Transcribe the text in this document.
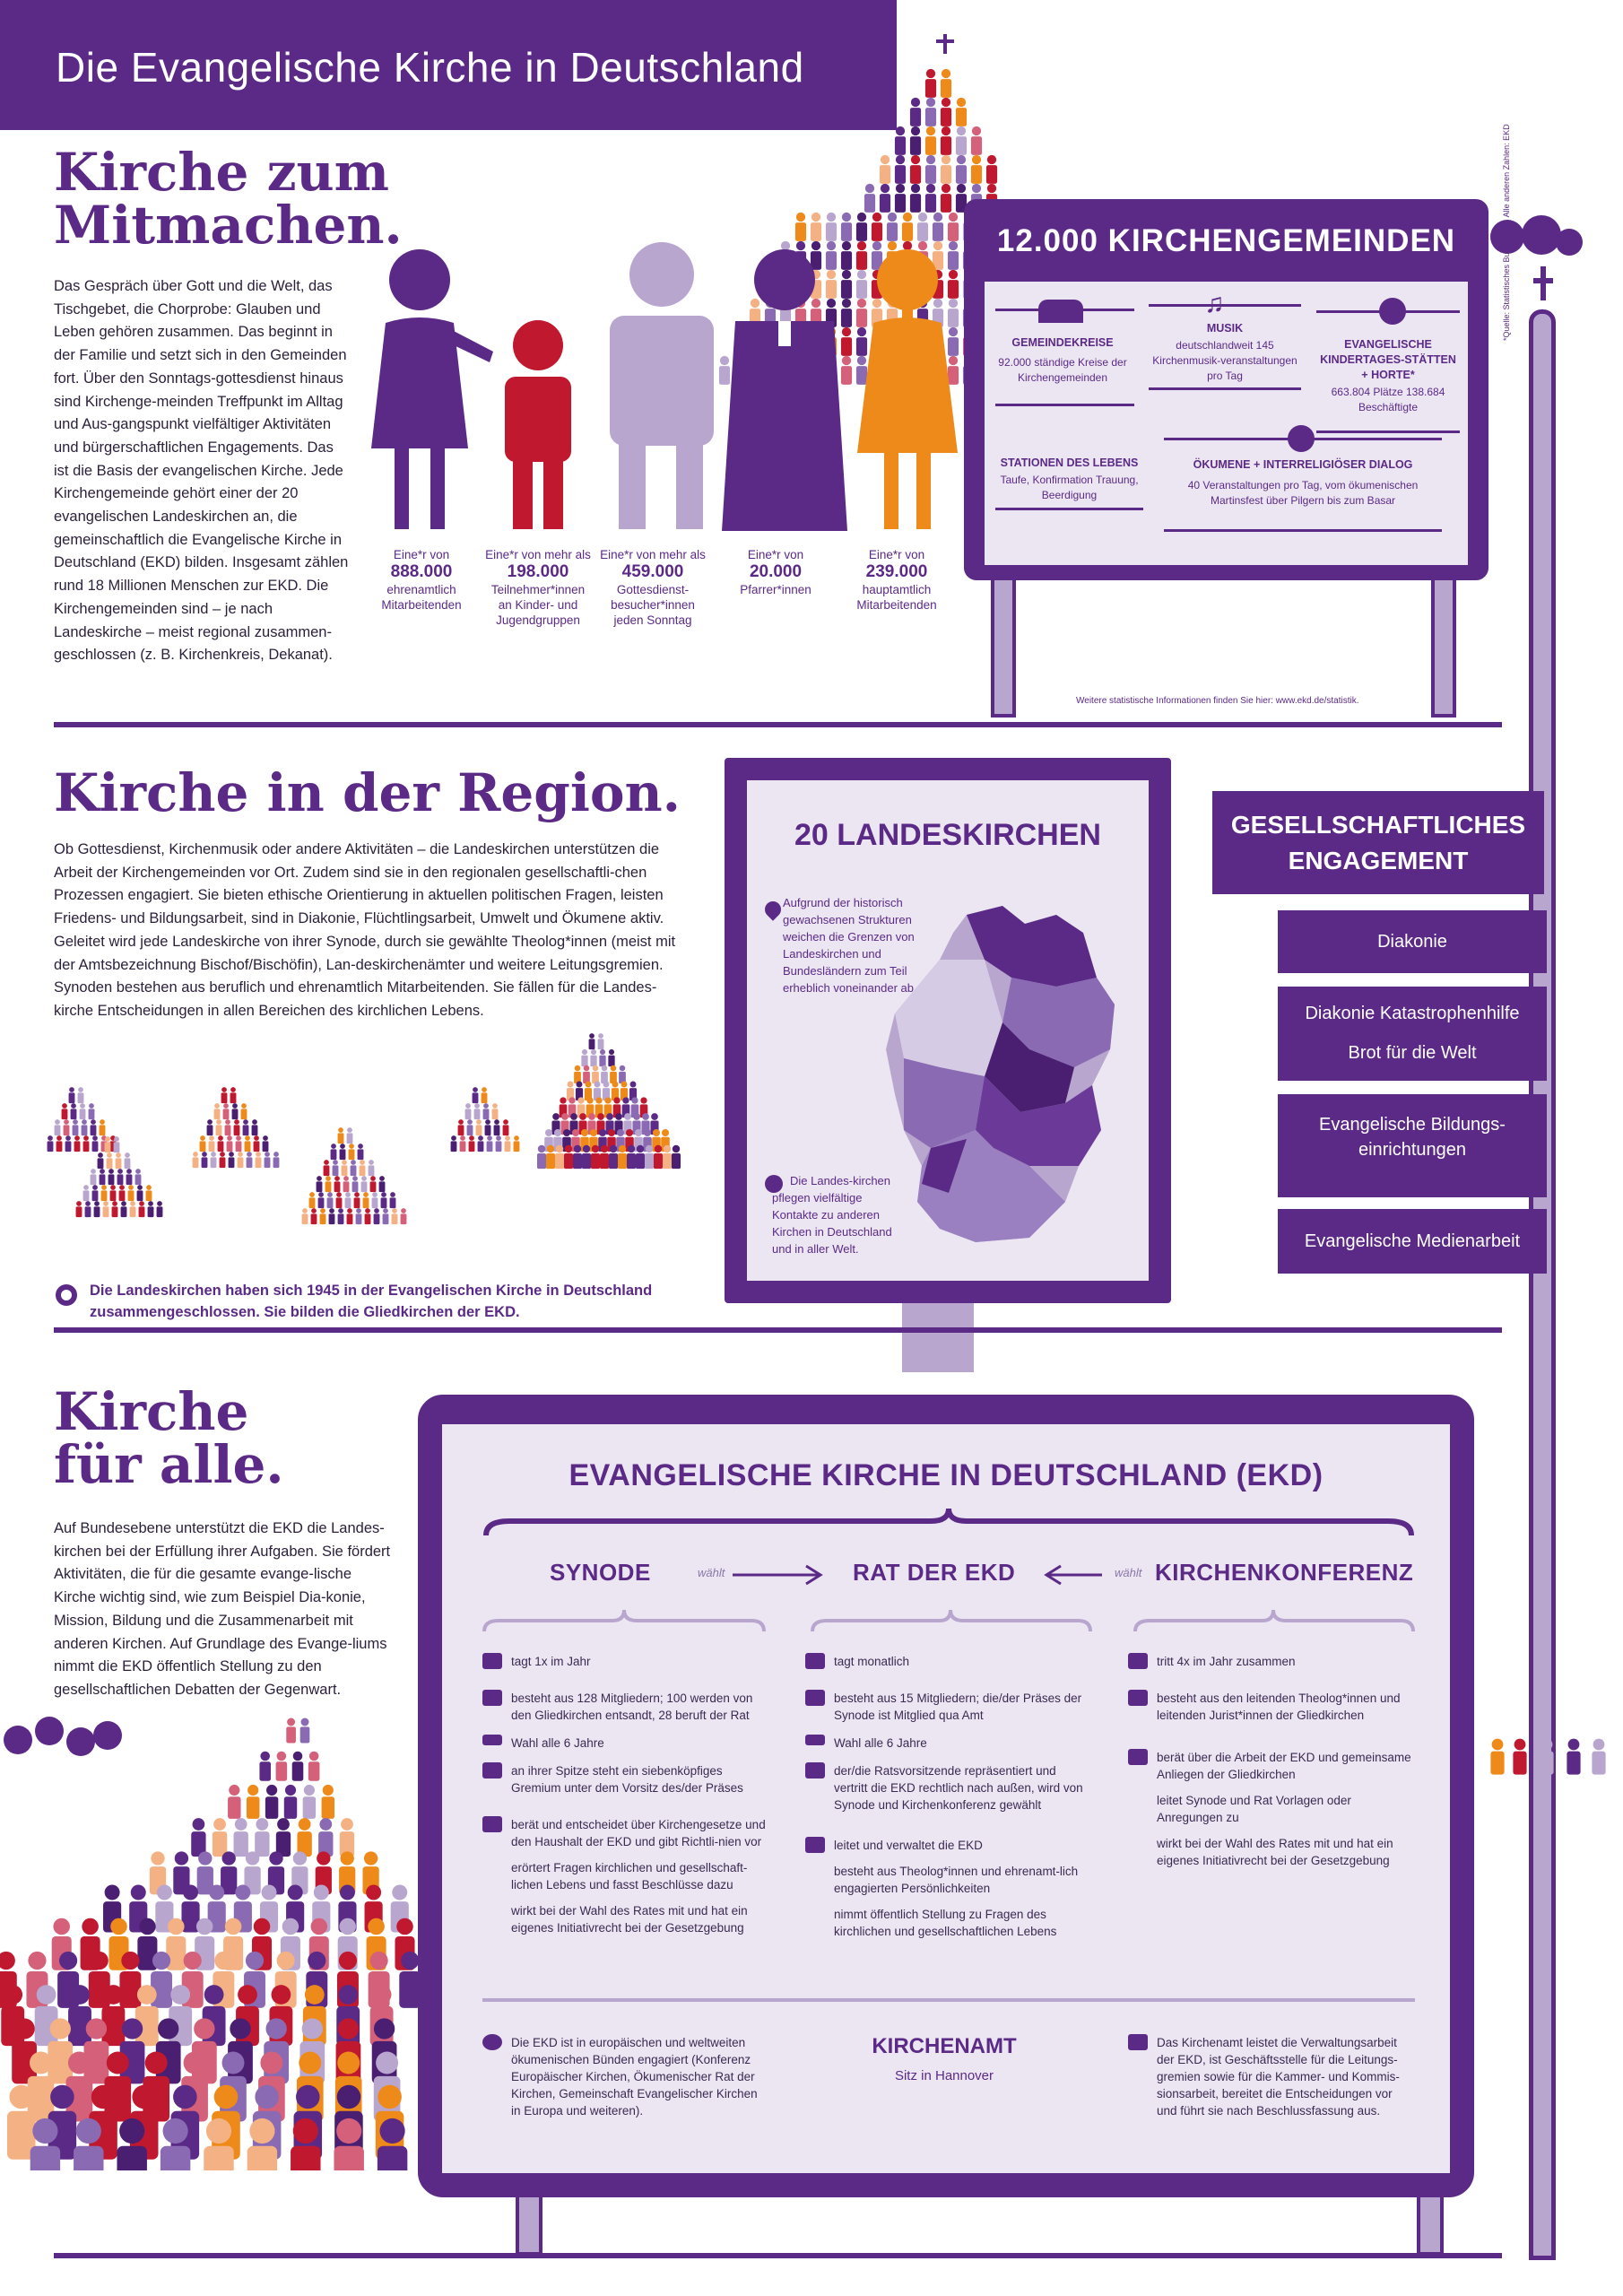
Die Evangelische Kirche in Deutschland
*Quelle: Statistisches Bundesamt. Alle anderen Zahlen: EKD
Kirche zum
Mitmachen.
Das Gespräch über Gott und die Welt, das Tischgebet, die Chorprobe: Glauben und Leben gehören zusammen. Das beginnt in der Familie und setzt sich in den Gemeinden fort. Über den Sonntags-gottesdienst hinaus sind Kirchenge-meinden Treffpunkt im Alltag und Aus-gangspunkt vielfältiger Aktivitäten und bürgerschaftlichen Engagements. Das ist die Basis der evangelischen Kirche. Jede Kirchengemeinde gehört einer der 20 evangelischen Landeskirchen an, die gemeinschaftlich die Evangelische Kirche in Deutschland (EKD) bilden. Insgesamt zählen rund 18 Millionen Menschen zur EKD. Die Kirchengemeinden sind – je nach Landeskirche – meist regional zusammen-geschlossen (z. B. Kirchenkreis, Dekanat).
Eine*r von
888.000
ehrenamtlich Mitarbeitenden
Eine*r von mehr als
198.000
Teilnehmer*innen an Kinder- und Jugendgruppen
Eine*r von mehr als
459.000
Gottesdienst-besucher*innen jeden Sonntag
Eine*r von
20.000
Pfarrer*innen
Eine*r von
239.000
hauptamtlich Mitarbeitenden
12.000 KIRCHENGEMEINDEN
GEMEINDEKREISE
92.000 ständige Kreise der Kirchengemeinden
MUSIK
deutschlandweit 145 Kirchenmusik-veranstaltungen pro Tag
EVANGELISCHE KINDERTAGES-STÄTTEN + HORTE*
663.804 Plätze 138.684 Beschäftigte
STATIONEN DES LEBENS
Taufe, Konfirmation Trauung, Beerdigung
ÖKUMENE + INTERRELIGIÖSER DIALOG
40 Veranstaltungen pro Tag, vom ökumenischen Martinsfest über Pilgern bis zum Basar
Weitere statistische Informationen finden Sie hier: www.ekd.de/statistik.
Kirche in der Region.
Ob Gottesdienst, Kirchenmusik oder andere Aktivitäten – die Landeskirchen unterstützen die Arbeit der Kirchengemeinden vor Ort. Zudem sind sie in den regionalen gesellschaftli-chen Prozessen engagiert. Sie bieten ethische Orientierung in aktuellen politischen Fragen, leisten Friedens- und Bildungsarbeit, sind in Diakonie, Flüchtlingsarbeit, Umwelt und Ökumene aktiv. Geleitet wird jede Landeskirche von ihrer Synode, durch sie gewählte Theolog*innen (meist mit der Amtsbezeichnung Bischof/Bischöfin), Lan-deskirchenämter und weitere Leitungsgremien. Synoden bestehen aus beruflich und ehrenamtlich Mitarbeitenden. Sie fällen für die Landes-kirche Entscheidungen in allen Bereichen des kirchlichen Lebens.
Die Landeskirchen haben sich 1945 in der Evangelischen Kirche in Deutschland zusammengeschlossen. Sie bilden die Gliedkirchen der EKD.
20 LANDESKIRCHEN
Aufgrund der historisch gewachsenen Strukturen weichen die Grenzen von Landeskirchen und Bundesländern zum Teil erheblich voneinander ab.
Die Landes-kirchen pflegen vielfältige Kontakte zu anderen Kirchen in Deutschland und in aller Welt.
GESELLSCHAFTLICHES
ENGAGEMENT
Diakonie
Diakonie Katastrophenhilfe
Brot für die Welt
Evangelische Bildungs-einrichtungen
Evangelische Medienarbeit
Kirche
für alle.
Auf Bundesebene unterstützt die EKD die Landes-kirchen bei der Erfüllung ihrer Aufgaben. Sie fördert Aktivitäten, die für die gesamte evange-lische Kirche wichtig sind, wie zum Beispiel Dia-konie, Mission, Bildung und die Zusammenarbeit mit anderen Kirchen. Auf Grundlage des Evange-liums nimmt die EKD öffentlich Stellung zu den gesellschaftlichen Debatten der Gegenwart.
EVANGELISCHE KIRCHE IN DEUTSCHLAND (EKD)
SYNODE	wählt	RAT DER EKD	wählt KIRCHENKONFERENZ
tagt 1x im Jahr
besteht aus 128 Mitgliedern; 100 werden von den Gliedkirchen entsandt, 28 beruft der Rat
Wahl alle 6 Jahre
an ihrer Spitze steht ein siebenköpfiges Gremium unter dem Vorsitz des/der Präses
berät und entscheidet über Kirchengesetze und den Haushalt der EKD und gibt Richtli-nien vor
erörtert Fragen kirchlichen und gesellschaft-lichen Lebens und fasst Beschlüsse dazu
wirkt bei der Wahl des Rates mit und hat ein eigenes Initiativrecht bei der Gesetzgebung
tagt monatlich
besteht aus 15 Mitgliedern; die/der Präses der Synode ist Mitglied qua Amt
Wahl alle 6 Jahre
der/die Ratsvorsitzende repräsentiert und vertritt die EKD rechtlich nach außen, wird von Synode und Kirchenkonferenz gewählt
leitet und verwaltet die EKD
besteht aus Theolog*innen und ehrenamt-lich engagierten Persönlichkeiten
nimmt öffentlich Stellung zu Fragen des kirchlichen und gesellschaftlichen Lebens
tritt 4x im Jahr zusammen
besteht aus den leitenden Theolog*innen und leitenden Jurist*innen der Gliedkirchen
berät über die Arbeit der EKD und gemeinsame Anliegen der Gliedkirchen
leitet Synode und Rat Vorlagen oder Anregungen zu
wirkt bei der Wahl des Rates mit und hat ein eigenes Initiativrecht bei der Gesetzgebung
Die EKD ist in europäischen und weltweiten ökumenischen Bünden engagiert (Konferenz Europäischer Kirchen, Ökumenischer Rat der Kirchen, Gemeinschaft Evangelischer Kirchen in Europa und weiteren).
KIRCHENAMT
Sitz in Hannover
Das Kirchenamt leistet die Verwaltungsarbeit der EKD, ist Geschäftsstelle für die Leitungs-gremien sowie für die Kammer- und Kommis-sionsarbeit, bereitet die Entscheidungen vor und führt sie nach Beschlussfassung aus.
